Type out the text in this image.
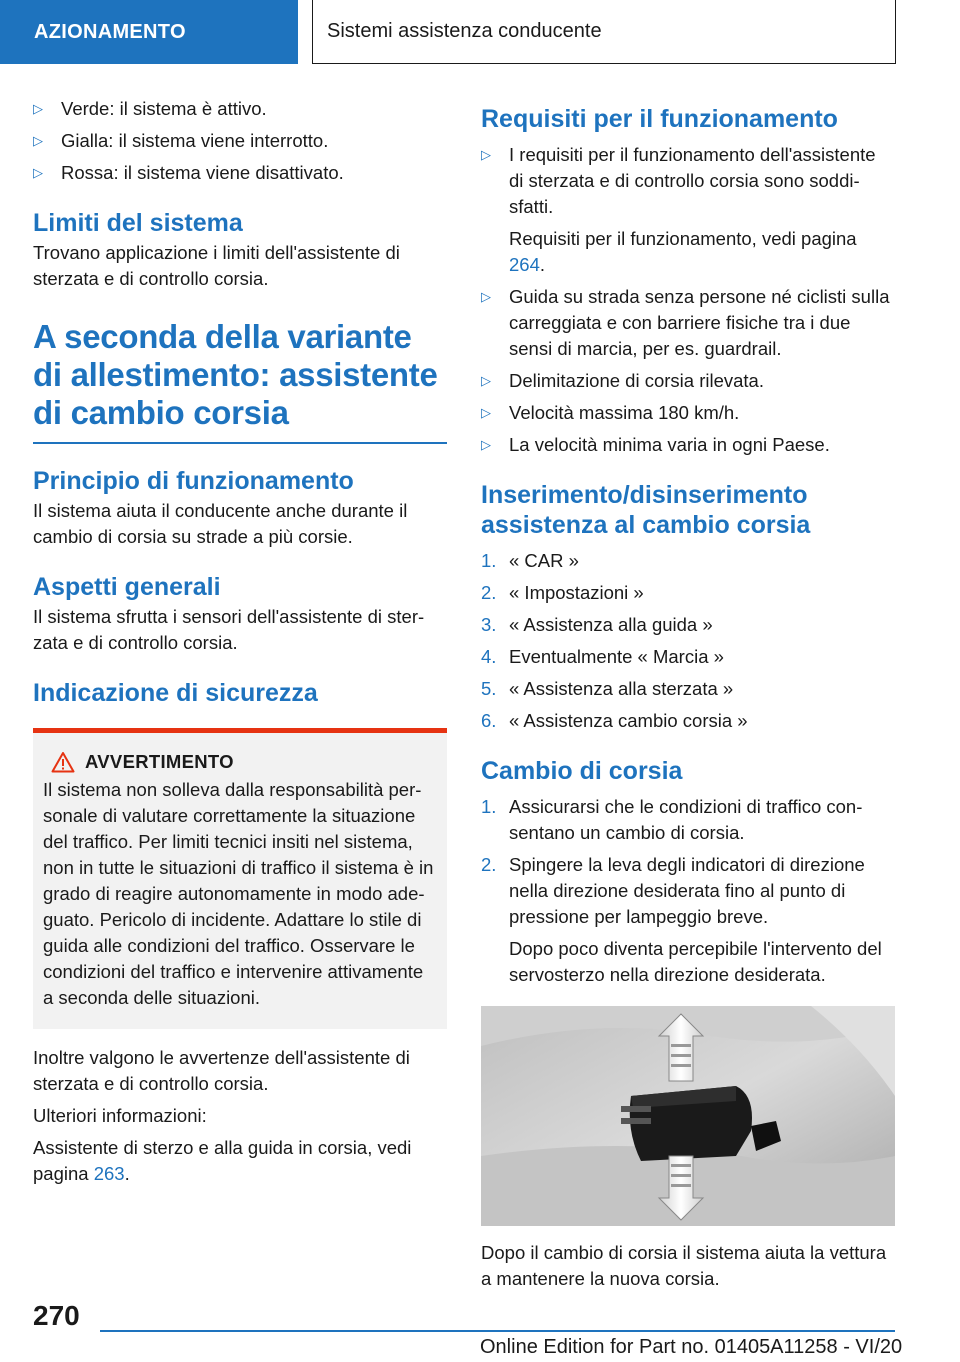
AZIONAMENTO	Sistemi assistenza conducente
▷ Verde: il sistema è attivo.
▷ Gialla: il sistema viene interrotto.
▷ Rossa: il sistema viene disattivato.
Limiti del sistema

Trovano applicazione i limiti dell'assistente di sterzata e di controllo corsia.

A seconda della variante di allestimento: assistente di cambio corsia
Principio di funzionamento

Il sistema aiuta il conducente anche durante il cambio di corsia su strade a più corsie.

Aspetti generali

Il sistema sfrutta i sensori dell'assistente di sterzata e di controllo corsia.

Indicazione di sicurezza
AVVERTIMENTO
Il sistema non solleva dalla responsabilità personale di valutare correttamente la situazione del traffico. Per limiti tecnici insiti nel sistema, non in tutte le situazioni di traffico il sistema è in grado di reagire autonomamente in modo adeguato. Pericolo di incidente. Adattare lo stile di guida alle condizioni del traffico. Osservare le condizioni del traffico e intervenire attivamente a seconda delle situazioni.

Inoltre valgono le avvertenze dell'assistente di sterzata e di controllo corsia.

Ulteriori informazioni:

Assistente di sterzo e alla guida in corsia, vedi pagina 263.

Requisiti per il funzionamento
▷ I requisiti per il funzionamento dell'assistente di sterzata e di controllo corsia sono soddisfatti.
Requisiti per il funzionamento, vedi pagina 264.
▷ Guida su strada senza persone né ciclisti sulla carreggiata e con barriere fisiche tra i due sensi di marcia, per es. guardrail.
▷ Delimitazione di corsia rilevata.
▷ Velocità massima 180 km/h.
▷ La velocità minima varia in ogni Paese.
Inserimento/disinserimento assistenza al cambio corsia
1. « CAR »
2. « Impostazioni »
3. « Assistenza alla guida »
4. Eventualmente « Marcia »
5. « Assistenza alla sterzata »
6. « Assistenza cambio corsia »
Cambio di corsia
1. Assicurarsi che le condizioni di traffico consentano un cambio di corsia.
2. Spingere la leva degli indicatori di direzione nella direzione desiderata fino al punto di pressione per lampeggio breve.
Dopo poco diventa percepibile l'intervento del servosterzo nella direzione desiderata.

Dopo il cambio di corsia il sistema aiuta la vettura a mantenere la nuova corsia.

270
Online Edition for Part no. 01405A11258 - VI/20
